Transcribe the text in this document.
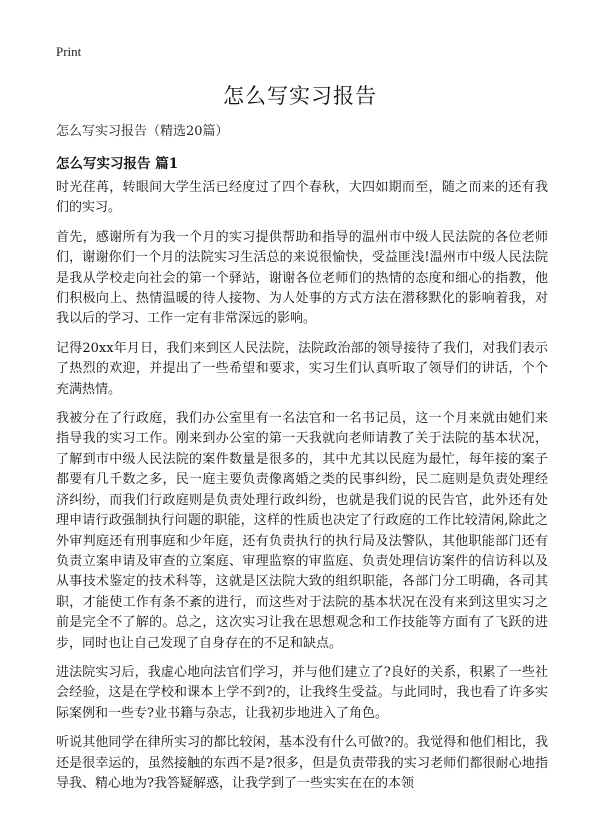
Print
怎么写实习报告
怎么写实习报告（精选20篇）
怎么写实习报告 篇1

时光荏苒，转眼间大学生活已经度过了四个春秋，大四如期而至，随之而来的还有我们的实习。

首先，感谢所有为我一个月的实习提供帮助和指导的温州市中级人民法院的各位老师们，谢谢你们一个月的法院实习生活总的来说很愉快，受益匪浅!温州市中级人民法院是我从学校走向社会的第一个驿站，谢谢各位老师们的热情的态度和细心的指教，他们积极向上、热情温暖的待人接物、为人处事的方式方法在潜移默化的影响着我，对我以后的学习、工作一定有非常深远的影响。

记得20xx年月日，我们来到区人民法院，法院政治部的领导接待了我们，对我们表示了热烈的欢迎，并提出了一些希望和要求，实习生们认真听取了领导们的讲话，个个充满热情。

我被分在了行政庭，我们办公室里有一名法官和一名书记员，这一个月来就由她们来指导我的实习工作。刚来到办公室的第一天我就向老师请教了关于法院的基本状况，了解到市中级人民法院的案件数量是很多的，其中尤其以民庭为最忙，每年接的案子都要有几千数之多，民一庭主要负责像离婚之类的民事纠纷，民二庭则是负责处理经济纠纷，而我们行政庭则是负责处理行政纠纷，也就是我们说的民告官，此外还有处理申请行政强制执行问题的职能，这样的性质也决定了行政庭的工作比较清闲,除此之外审判庭还有刑事庭和少年庭，还有负责执行的执行局及法警队，其他职能部门还有负责立案申请及审查的立案庭、审理监察的审监庭、负责处理信访案件的信访科以及从事技术鉴定的技术科等，这就是区法院大致的组织职能，各部门分工明确，各司其职，才能使工作有条不紊的进行，而这些对于法院的基本状况在没有来到这里实习之前是完全不了解的。总之，这次实习让我在思想观念和工作技能等方面有了飞跃的进步，同时也让自己发现了自身存在的不足和缺点。

进法院实习后，我虚心地向法官们学习，并与他们建立了?良好的关系，积累了一些社会经验，这是在学校和课本上学不到?的，让我终生受益。与此同时，我也看了许多实际案例和一些专?业书籍与杂志，让我初步地进入了角色。

听说其他同学在律所实习的都比较闲，基本没有什么可做?的。我觉得和他们相比，我还是很幸运的，虽然接触的东西不是?很多，但是负责带我的实习老师们都很耐心地指导我、精心地为?我答疑解惑，让我学到了一些实实在在的本领
